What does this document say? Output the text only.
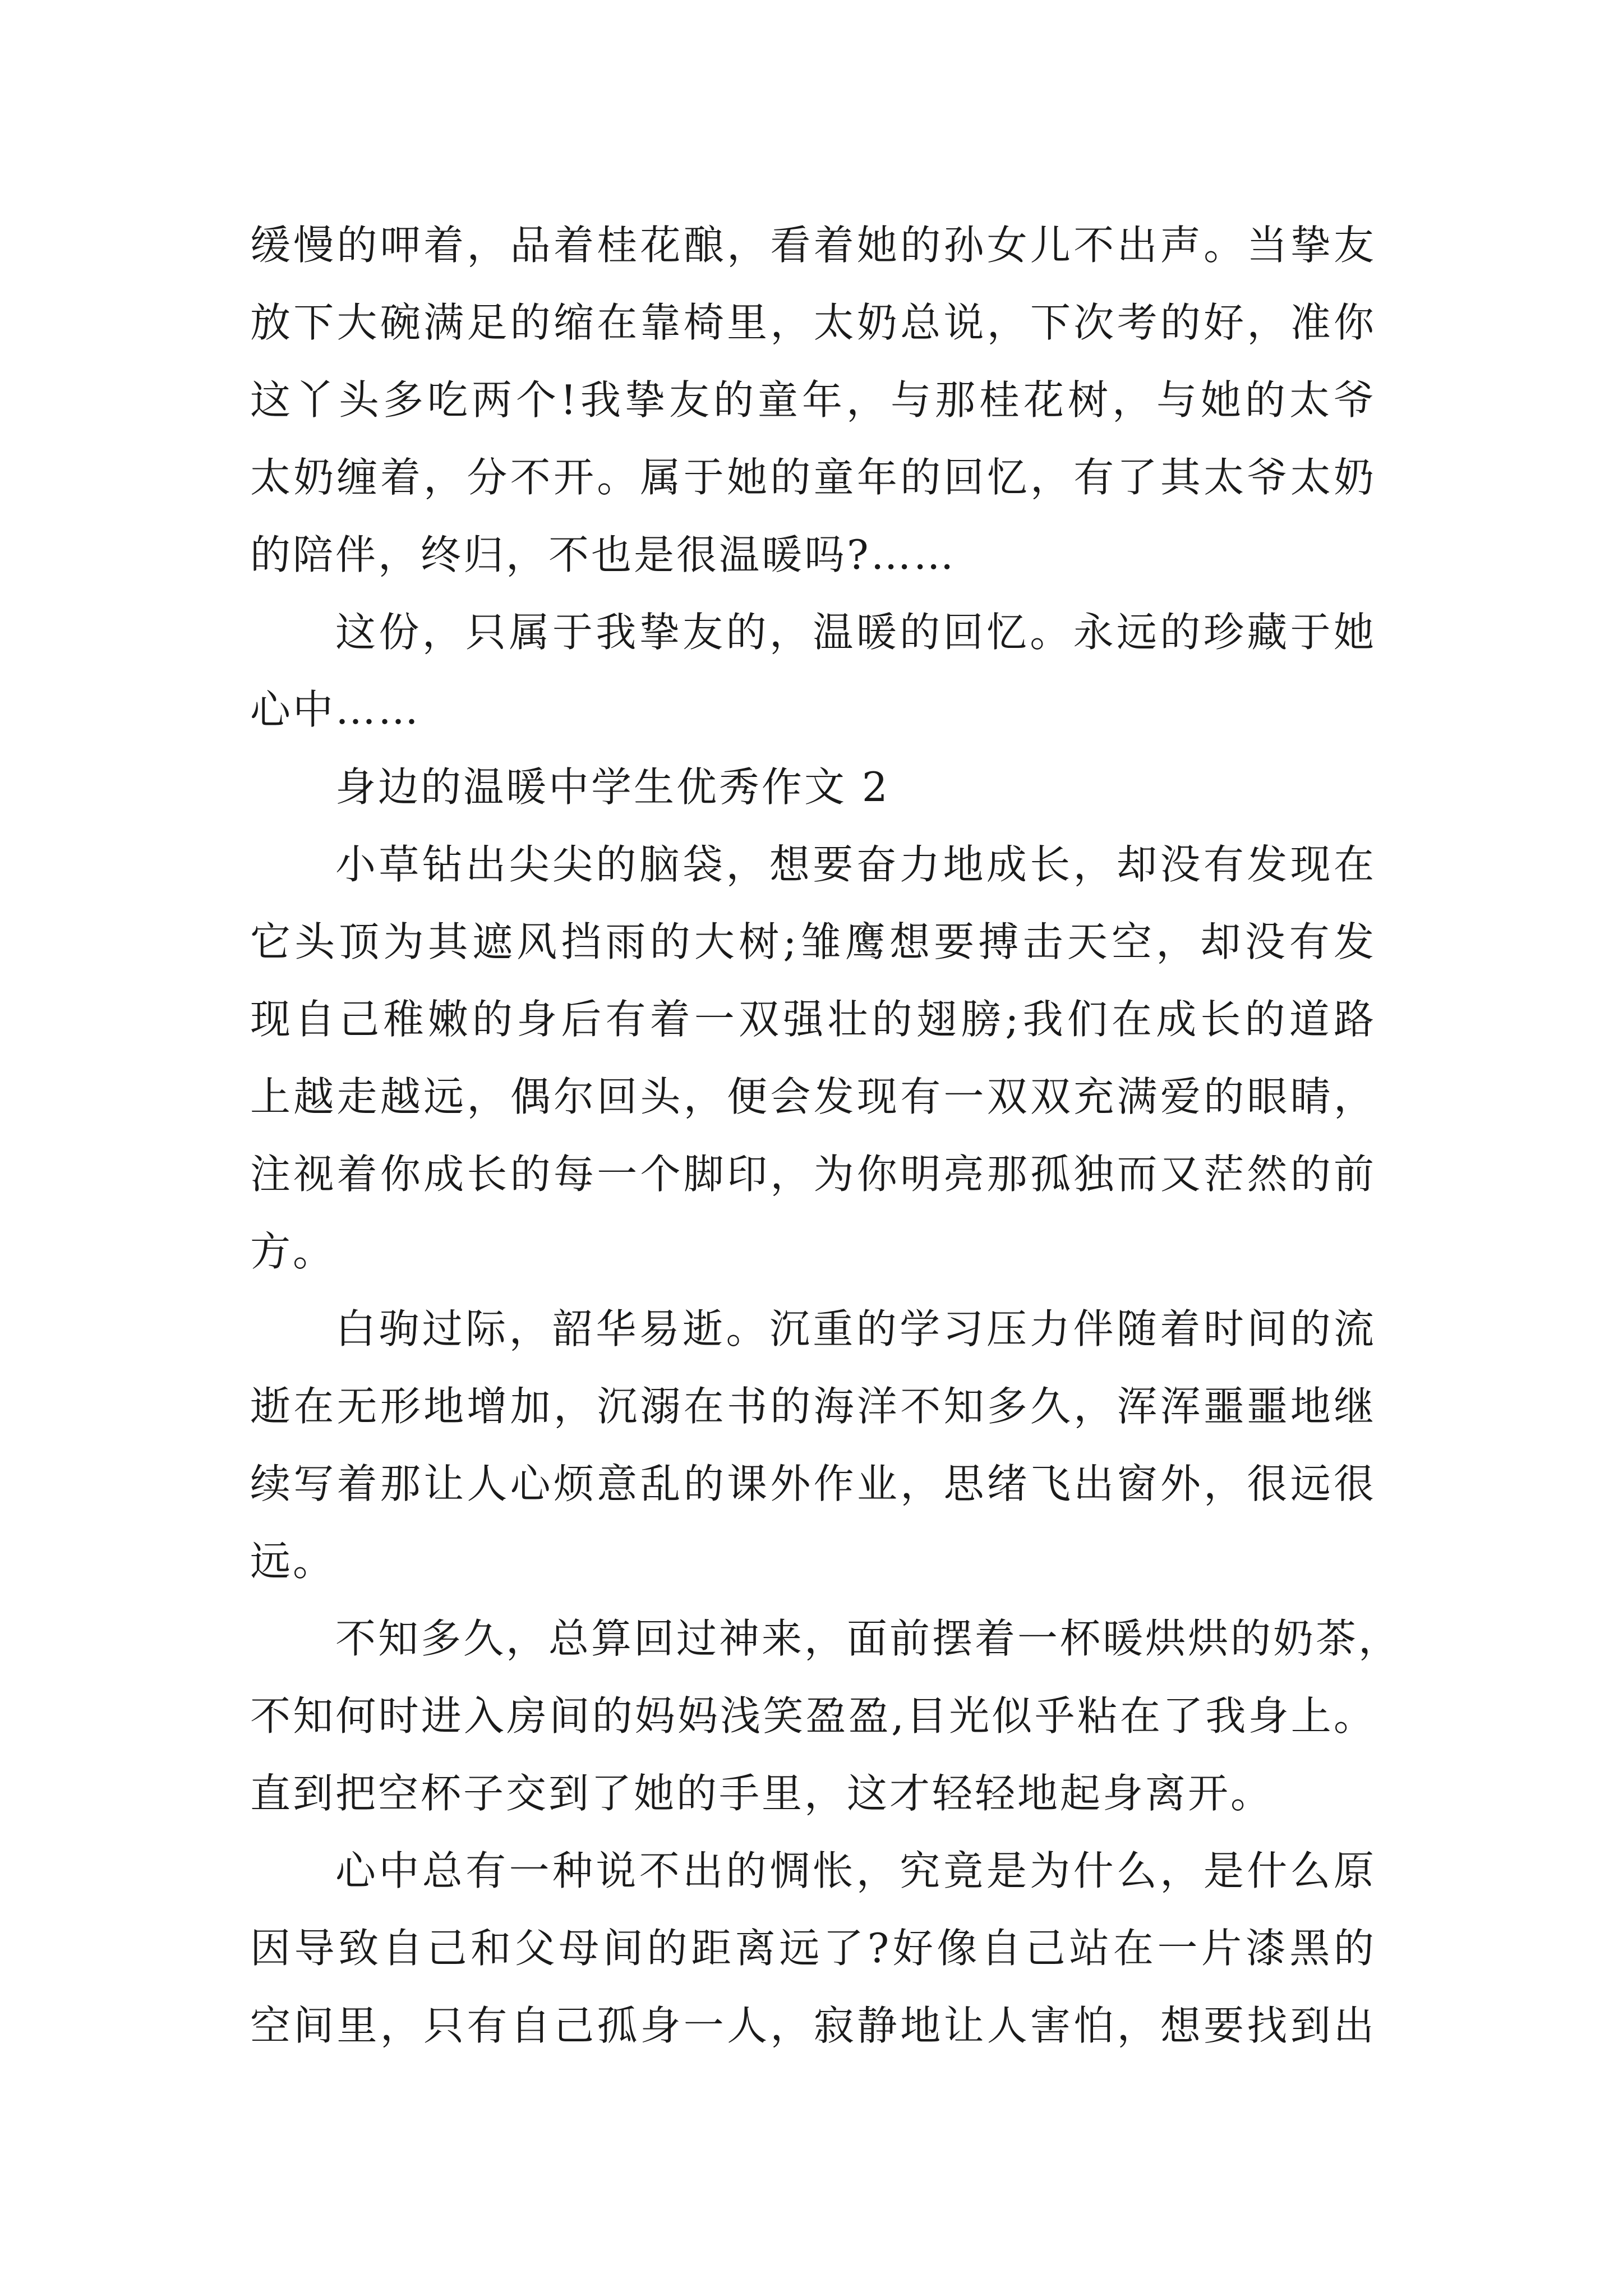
缓慢的呷着，品着桂花酿，看着她的孙女儿不出声。当挚友
放下大碗满足的缩在靠椅里，太奶总说，下次考的好，准你
这丫头多吃两个!我挚友的童年，与那桂花树，与她的太爷
太奶缠着，分不开。属于她的童年的回忆，有了其太爷太奶
的陪伴，终归，不也是很温暖吗?……

这份，只属于我挚友的，温暖的回忆。永远的珍藏于她
心中……

身边的温暖中学生优秀作文 2

小草钻出尖尖的脑袋，想要奋力地成长，却没有发现在
它头顶为其遮风挡雨的大树;雏鹰想要搏击天空，却没有发
现自己稚嫩的身后有着一双强壮的翅膀;我们在成长的道路
上越走越远，偶尔回头，便会发现有一双双充满爱的眼睛，
注视着你成长的每一个脚印，为你明亮那孤独而又茫然的前
方。

白驹过际，韶华易逝。沉重的学习压力伴随着时间的流
逝在无形地增加，沉溺在书的海洋不知多久，浑浑噩噩地继
续写着那让人心烦意乱的课外作业，思绪飞出窗外，很远很
远。

不知多久，总算回过神来，面前摆着一杯暖烘烘的奶茶，
不知何时进入房间的妈妈浅笑盈盈,目光似乎粘在了我身上。
直到把空杯子交到了她的手里，这才轻轻地起身离开。

心中总有一种说不出的惆怅，究竟是为什么，是什么原
因导致自己和父母间的距离远了?好像自己站在一片漆黑的
空间里，只有自己孤身一人，寂静地让人害怕，想要找到出
